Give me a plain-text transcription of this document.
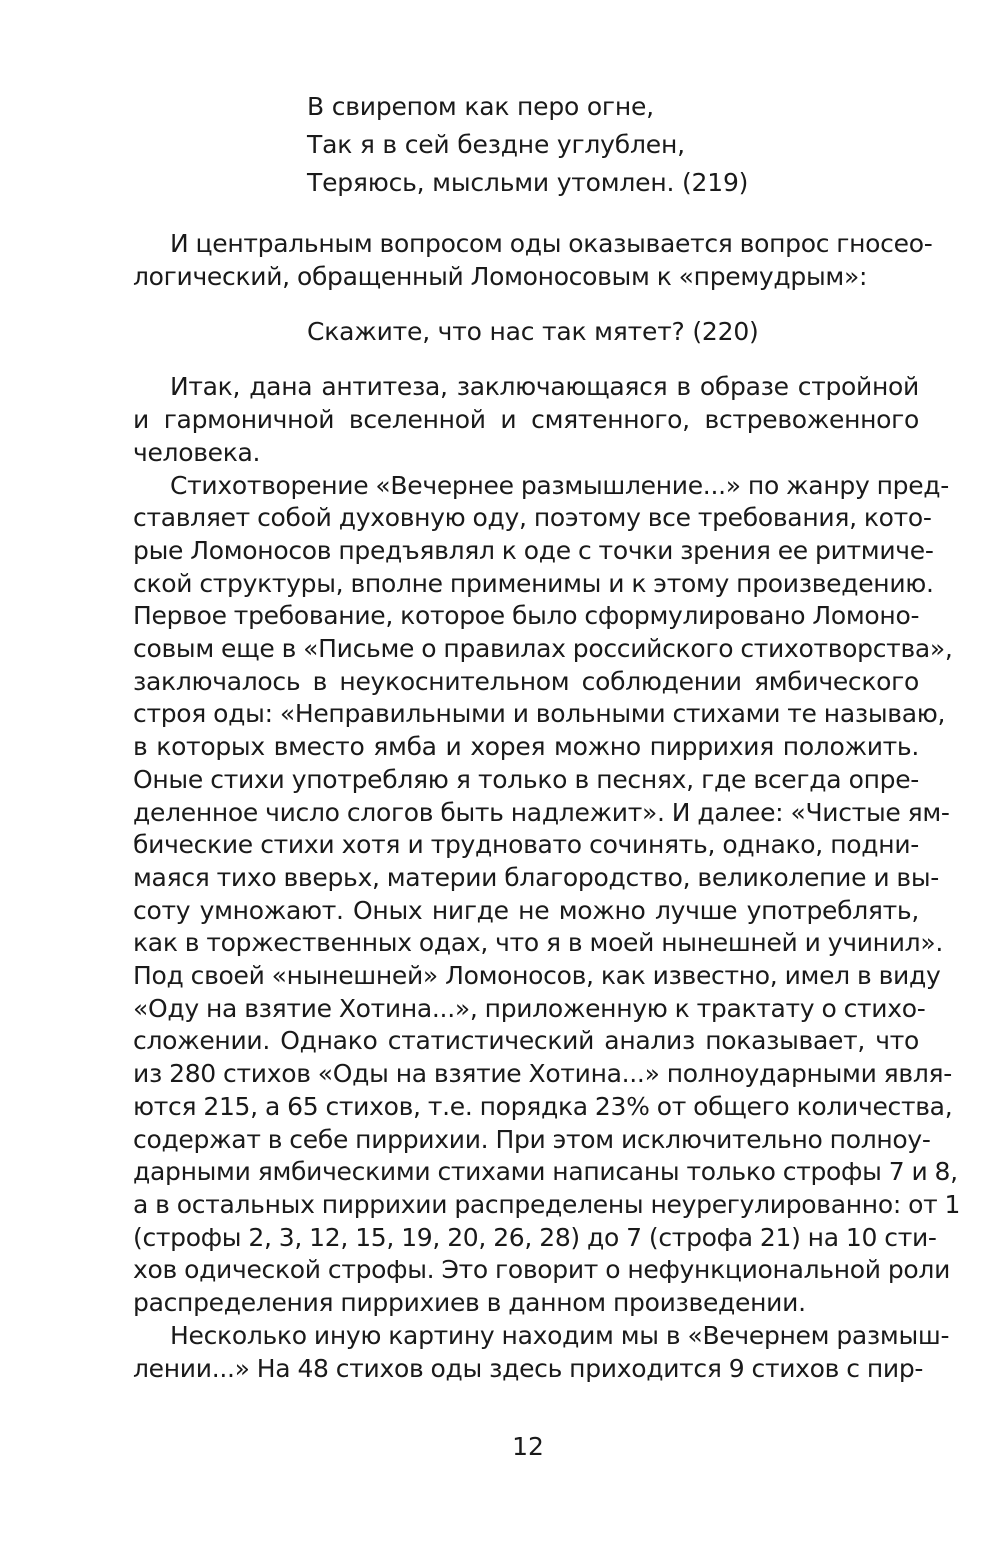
В свирепом как перо огне,
Так я в сей бездне углублен,
Теряюсь, мысльми утомлен. (219)
И центральным вопросом оды оказывается вопрос гносео-
логический, обращенный Ломоносовым к «премудрым»:
Скажите, что нас так мятет? (220)
Итак, дана антитеза, заключающаяся в образе стройной
и гармоничной вселенной и смятенного, встревоженного
человека.
Стихотворение «Вечернее размышление...» по жанру пред-
ставляет собой духовную оду, поэтому все требования, кото-
рые Ломоносов предъявлял к оде с точки зрения ее ритмиче-
ской структуры, вполне применимы и к этому произведению.
Первое требование, которое было сформулировано Ломоно-
совым еще в «Письме о правилах российского стихотворства»,
заключалось в неукоснительном соблюдении ямбического
строя оды: «Неправильными и вольными стихами те называю,
в которых вместо ямба и хорея можно пиррихия положить.
Оные стихи употребляю я только в песнях, где всегда опре-
деленное число слогов быть надлежит». И далее: «Чистые ям-
бические стихи хотя и трудновато сочинять, однако, подни-
маяся тихо вверьх, материи благородство, великолепие и вы-
соту умножают. Оных нигде не можно лучше употреблять,
как в торжественных одах, что я в моей нынешней и учинил».
Под своей «нынешней» Ломоносов, как известно, имел в виду
«Оду на взятие Хотина...», приложенную к трактату о стихо-
сложении. Однако статистический анализ показывает, что
из 280 стихов «Оды на взятие Хотина...» полноударными явля-
ются 215, а 65 стихов, т.е. порядка 23% от общего количества,
содержат в себе пиррихии. При этом исключительно полноу-
дарными ямбическими стихами написаны только строфы 7 и 8,
а в остальных пиррихии распределены неурегулированно: от 1
(строфы 2, 3, 12, 15, 19, 20, 26, 28) до 7 (строфа 21) на 10 сти-
хов одической строфы. Это говорит о нефункциональной роли
распределения пиррихиев в данном произведении.
Несколько иную картину находим мы в «Вечернем размыш-
лении...» На 48 стихов оды здесь приходится 9 стихов с пир-
12
